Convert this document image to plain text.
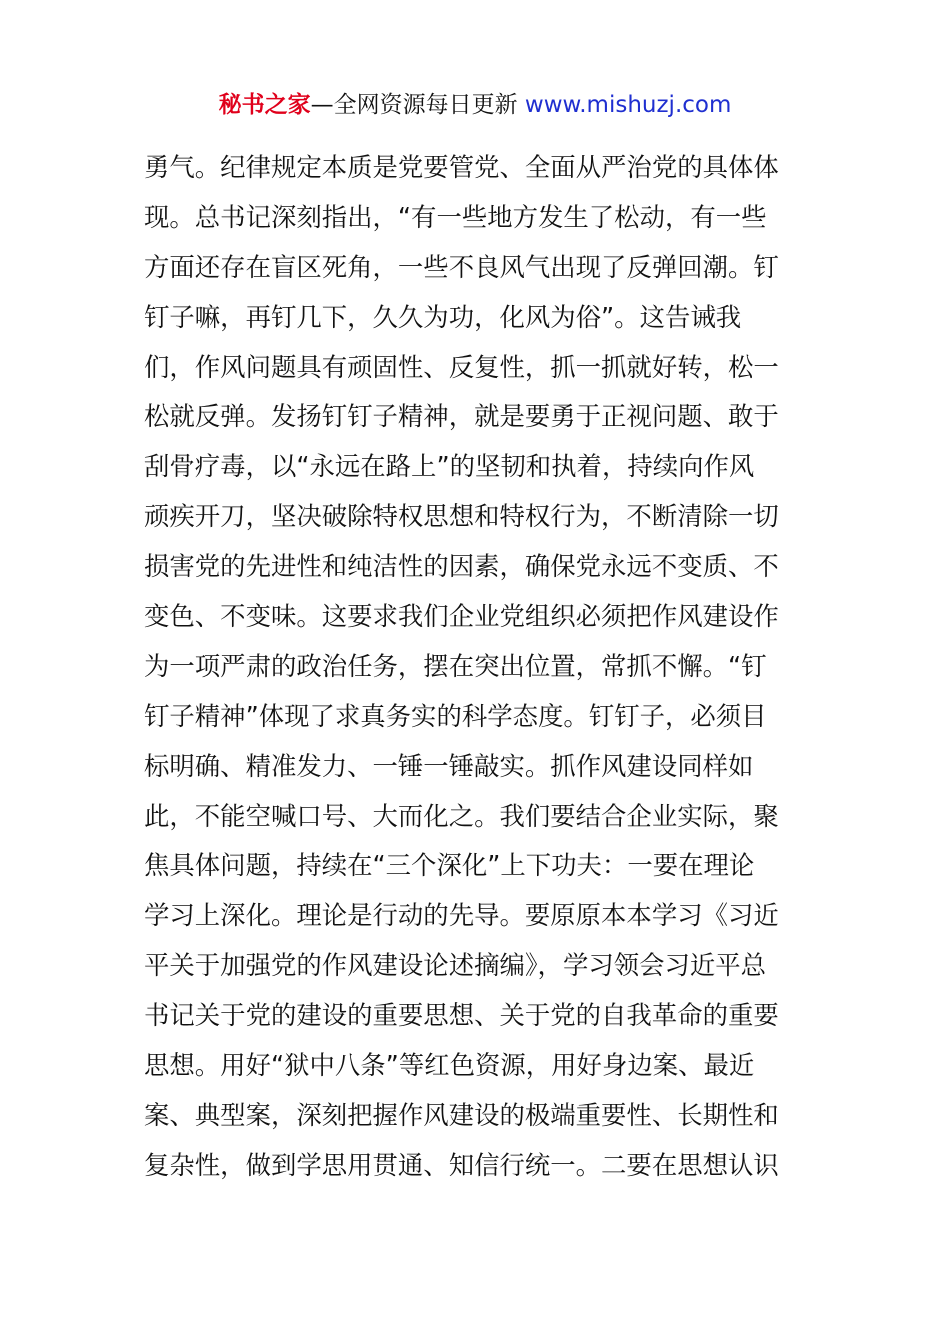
秘书之家—全网资源每日更新 www.mishuzj.com
勇气。纪律规定本质是党要管党、全面从严治党的具体体
现。总书记深刻指出，“有一些地方发生了松动，有一些
方面还存在盲区死角，一些不良风气出现了反弹回潮。钉
钉子嘛，再钉几下，久久为功，化风为俗”。这告诫我
们，作风问题具有顽固性、反复性，抓一抓就好转，松一
松就反弹。发扬钉钉子精神，就是要勇于正视问题、敢于
刮骨疗毒，以“永远在路上”的坚韧和执着，持续向作风
顽疾开刀，坚决破除特权思想和特权行为，不断清除一切
损害党的先进性和纯洁性的因素，确保党永远不变质、不
变色、不变味。这要求我们企业党组织必须把作风建设作
为一项严肃的政治任务，摆在突出位置，常抓不懈。“钉
钉子精神”体现了求真务实的科学态度。钉钉子，必须目
标明确、精准发力、一锤一锤敲实。抓作风建设同样如
此，不能空喊口号、大而化之。我们要结合企业实际，聚
焦具体问题，持续在“三个深化”上下功夫：一要在理论
学习上深化。理论是行动的先导。要原原本本学习《习近
平关于加强党的作风建设论述摘编》，学习领会习近平总
书记关于党的建设的重要思想、关于党的自我革命的重要
思想。用好“狱中八条”等红色资源，用好身边案、最近
案、典型案，深刻把握作风建设的极端重要性、长期性和
复杂性，做到学思用贯通、知信行统一。二要在思想认识
